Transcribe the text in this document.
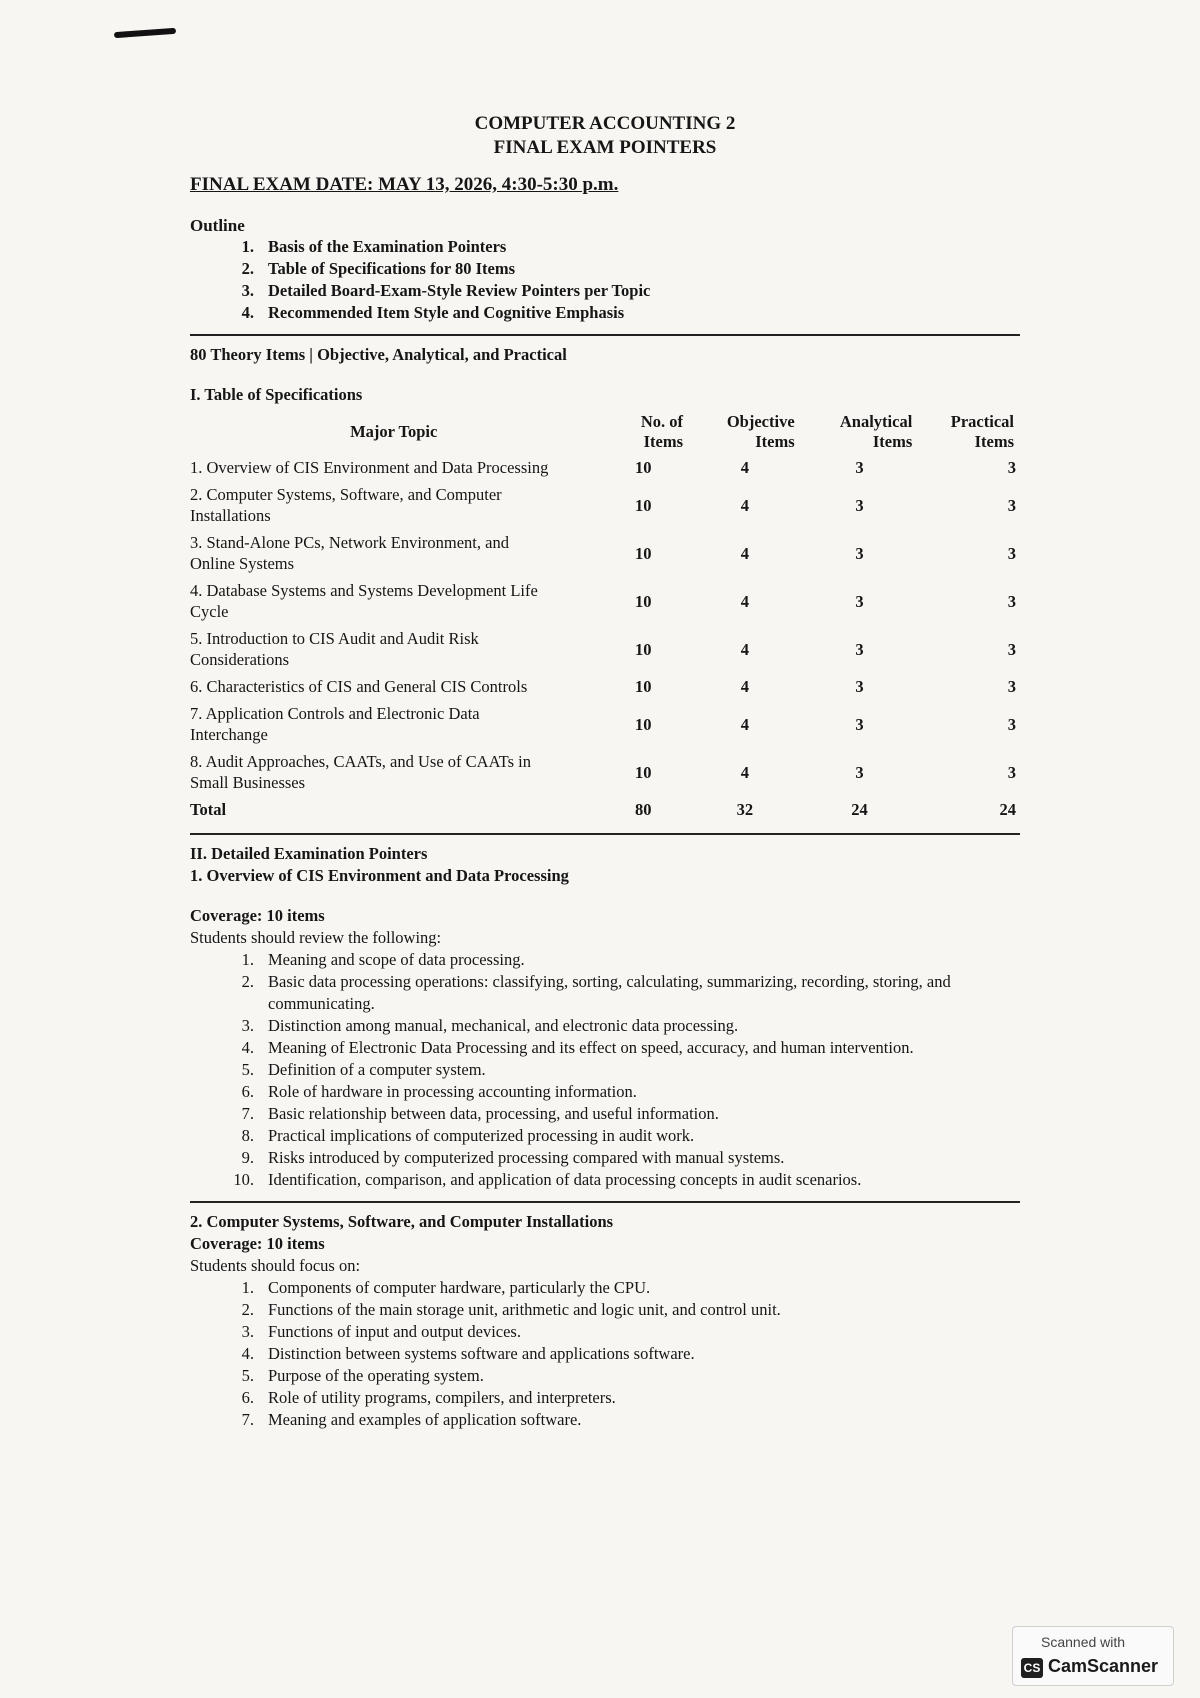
COMPUTER ACCOUNTING 2
FINAL EXAM POINTERS
FINAL EXAM DATE: MAY 13, 2026, 4:30-5:30 p.m.
Outline
1. Basis of the Examination Pointers
2. Table of Specifications for 80 Items
3. Detailed Board-Exam-Style Review Pointers per Topic
4. Recommended Item Style and Cognitive Emphasis
80 Theory Items | Objective, Analytical, and Practical
I. Table of Specifications
Major Topic	No. of Items	Objective Items	Analytical Items	Practical Items
1. Overview of CIS Environment and Data Processing	10	4	3	3
2. Computer Systems, Software, and Computer Installations	10	4	3	3
3. Stand-Alone PCs, Network Environment, and Online Systems	10	4	3	3
4. Database Systems and Systems Development Life Cycle	10	4	3	3
5. Introduction to CIS Audit and Audit Risk Considerations	10	4	3	3
6. Characteristics of CIS and General CIS Controls	10	4	3	3
7. Application Controls and Electronic Data Interchange	10	4	3	3
8. Audit Approaches, CAATs, and Use of CAATs in Small Businesses	10	4	3	3
Total	80	32	24	24
II. Detailed Examination Pointers
1. Overview of CIS Environment and Data Processing
Coverage: 10 items
Students should review the following:
1. Meaning and scope of data processing.
2. Basic data processing operations: classifying, sorting, calculating, summarizing, recording, storing, and communicating.
3. Distinction among manual, mechanical, and electronic data processing.
4. Meaning of Electronic Data Processing and its effect on speed, accuracy, and human intervention.
5. Definition of a computer system.
6. Role of hardware in processing accounting information.
7. Basic relationship between data, processing, and useful information.
8. Practical implications of computerized processing in audit work.
9. Risks introduced by computerized processing compared with manual systems.
10. Identification, comparison, and application of data processing concepts in audit scenarios.
2. Computer Systems, Software, and Computer Installations
Coverage: 10 items
Students should focus on:
1. Components of computer hardware, particularly the CPU.
2. Functions of the main storage unit, arithmetic and logic unit, and control unit.
3. Functions of input and output devices.
4. Distinction between systems software and applications software.
5. Purpose of the operating system.
6. Role of utility programs, compilers, and interpreters.
7. Meaning and examples of application software.
Scanned with
CS CamScanner
